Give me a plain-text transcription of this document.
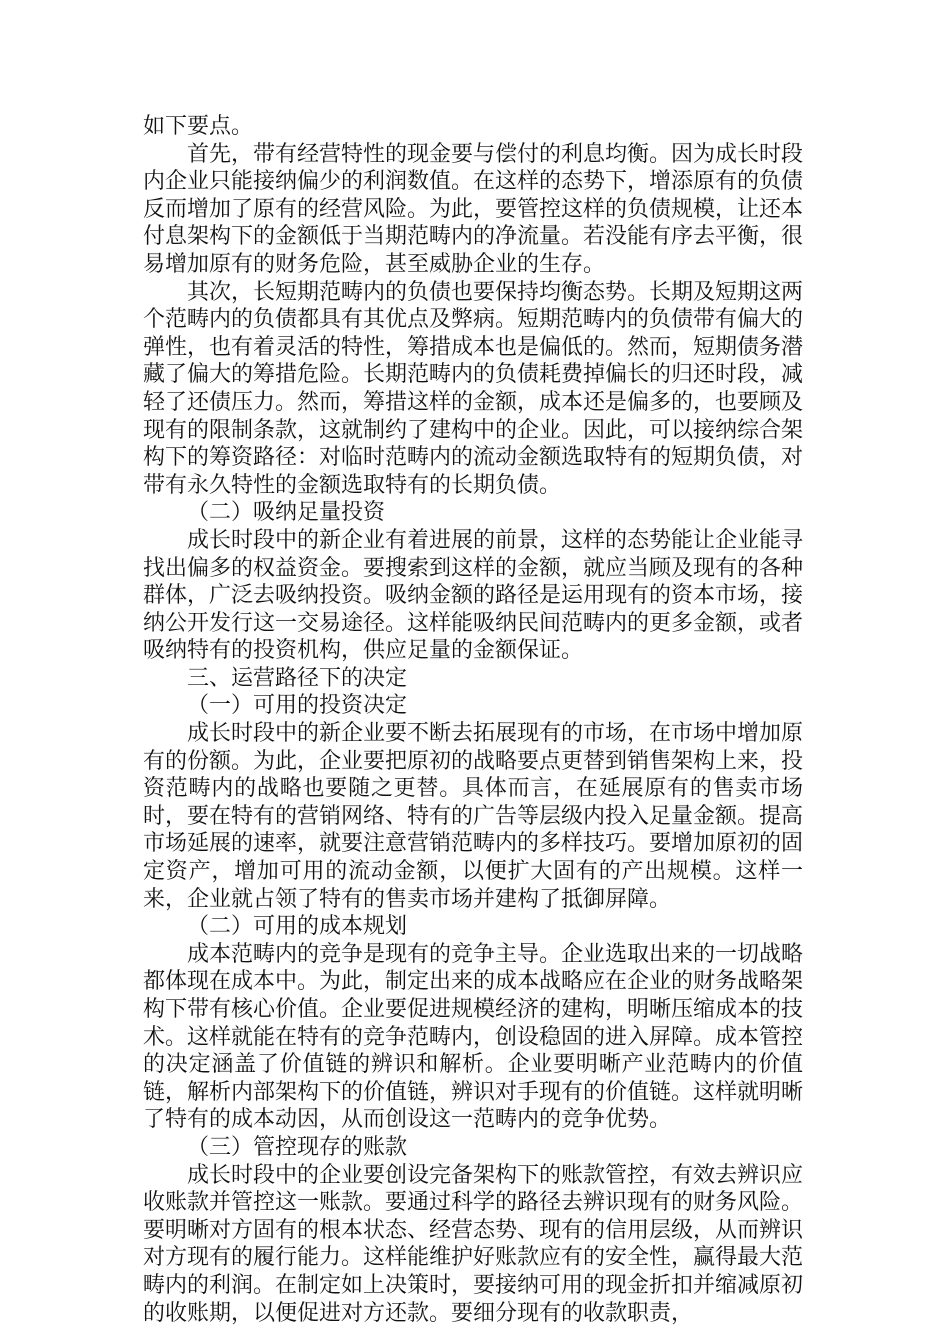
如下要点。

首先，带有经营特性的现金要与偿付的利息均衡。因为成长时段内企业只能接纳偏少的利润数值。在这样的态势下，增添原有的负债反而增加了原有的经营风险。为此，要管控这样的负债规模，让还本付息架构下的金额低于当期范畴内的净流量。若没能有序去平衡，很易增加原有的财务危险，甚至威胁企业的生存。

其次，长短期范畴内的负债也要保持均衡态势。长期及短期这两个范畴内的负债都具有其优点及弊病。短期范畴内的负债带有偏大的弹性，也有着灵活的特性，筹措成本也是偏低的。然而，短期债务潜藏了偏大的筹措危险。长期范畴内的负债耗费掉偏长的归还时段，减轻了还债压力。然而，筹措这样的金额，成本还是偏多的，也要顾及现有的限制条款，这就制约了建构中的企业。因此，可以接纳综合架构下的筹资路径：对临时范畴内的流动金额选取特有的短期负债，对带有永久特性的金额选取特有的长期负债。

（二）吸纳足量投资

成长时段中的新企业有着进展的前景，这样的态势能让企业能寻找出偏多的权益资金。要搜索到这样的金额，就应当顾及现有的各种群体，广泛去吸纳投资。吸纳金额的路径是运用现有的资本市场，接纳公开发行这一交易途径。这样能吸纳民间范畴内的更多金额，或者吸纳特有的投资机构，供应足量的金额保证。

三、运营路径下的决定

（一）可用的投资决定

成长时段中的新企业要不断去拓展现有的市场，在市场中增加原有的份额。为此，企业要把原初的战略要点更替到销售架构上来，投资范畴内的战略也要随之更替。具体而言，在延展原有的售卖市场时，要在特有的营销网络、特有的广告等层级内投入足量金额。提高市场延展的速率，就要注意营销范畴内的多样技巧。要增加原初的固定资产，增加可用的流动金额，以便扩大固有的产出规模。这样一来，企业就占领了特有的售卖市场并建构了抵御屏障。

（二）可用的成本规划

成本范畴内的竞争是现有的竞争主导。企业选取出来的一切战略都体现在成本中。为此，制定出来的成本战略应在企业的财务战略架构下带有核心价值。企业要促进规模经济的建构，明晰压缩成本的技术。这样就能在特有的竞争范畴内，创设稳固的进入屏障。成本管控的决定涵盖了价值链的辨识和解析。企业要明晰产业范畴内的价值链，解析内部架构下的价值链，辨识对手现有的价值链。这样就明晰了特有的成本动因，从而创设这一范畴内的竞争优势。

（三）管控现存的账款

成长时段中的企业要创设完备架构下的账款管控，有效去辨识应收账款并管控这一账款。要通过科学的路径去辨识现有的财务风险。要明晰对方固有的根本状态、经营态势、现有的信用层级，从而辨识对方现有的履行能力。这样能维护好账款应有的安全性，赢得最大范畴内的利润。在制定如上决策时，要接纳可用的现金折扣并缩减原初的收账期，以便促进对方还款。要细分现有的收款职责，
